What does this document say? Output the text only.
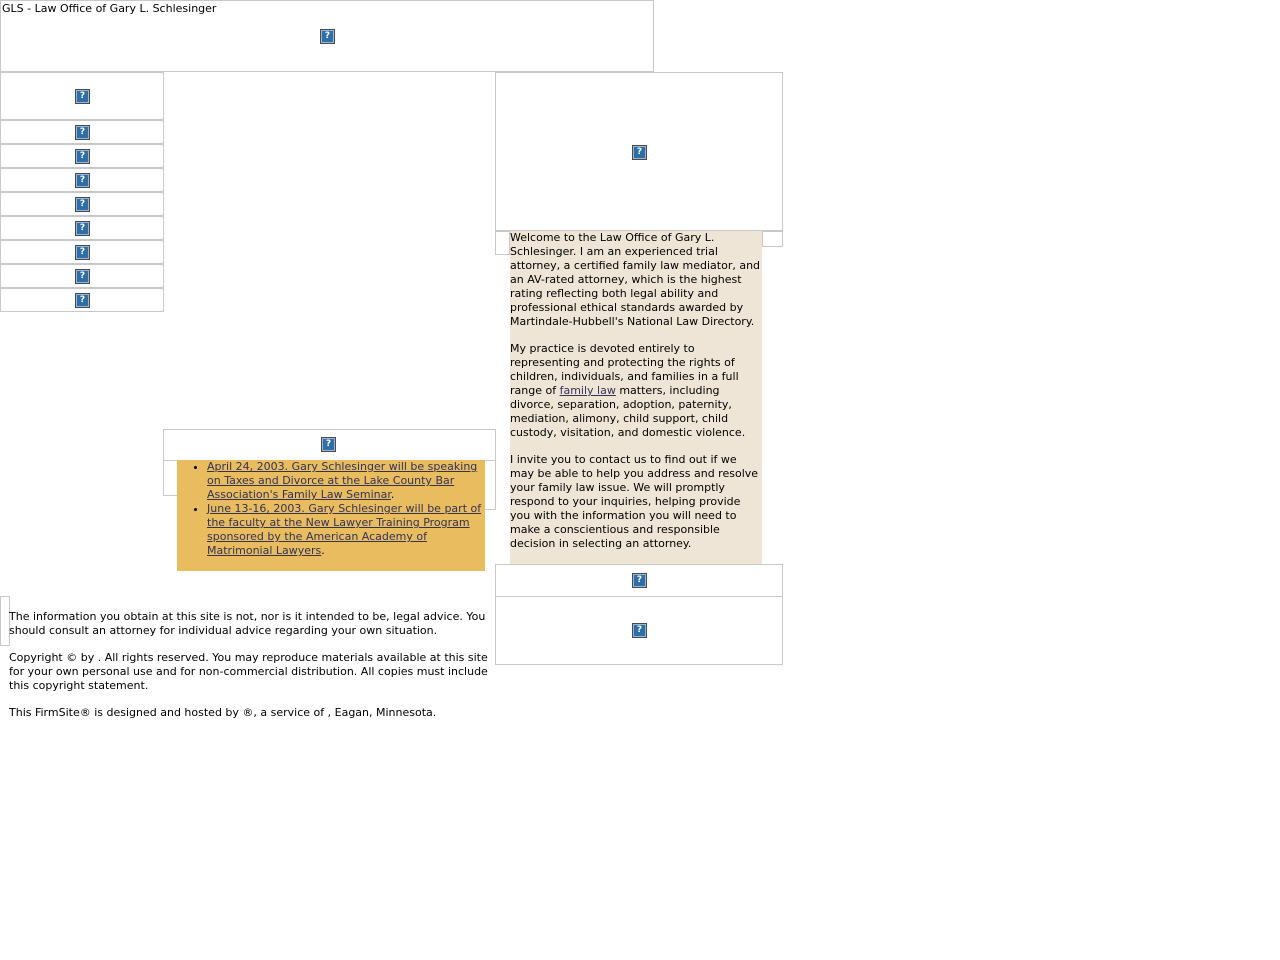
GLS - Law Office of Gary L. Schlesinger
?
?
?
?
?
?
?
?
?
?
?

Welcome to the Law Office of Gary L. Schlesinger. I am an experienced trial attorney, a certified family law mediator, and an AV-rated attorney, which is the highest rating reflecting both legal ability and professional ethical standards awarded by Martindale-Hubbell's National Law Directory.

My practice is devoted entirely to representing and protecting the rights of children, individuals, and families in a full range of family law matters, including divorce, separation, adoption, paternity, mediation, alimony, child support, child custody, visitation, and domestic violence.

I invite you to contact us to find out if we may be able to help you address and resolve your family law issue. We will promptly respond to your inquiries, helping provide you with the information you will need to make a conscientious and responsible decision in selecting an attorney.

?
?
?
• April 24, 2003. Gary Schlesinger will be speaking on Taxes and Divorce at the Lake County Bar Association's Family Law Seminar.
• June 13-16, 2003. Gary Schlesinger will be part of the faculty at the New Lawyer Training Program sponsored by the American Academy of Matrimonial Lawyers.

The information you obtain at this site is not, nor is it intended to be, legal advice. You should consult an attorney for individual advice regarding your own situation.

Copyright © by . All rights reserved. You may reproduce materials available at this site for your own personal use and for non-commercial distribution. All copies must include this copyright statement.

This FirmSite® is designed and hosted by ®, a service of , Eagan, Minnesota.
